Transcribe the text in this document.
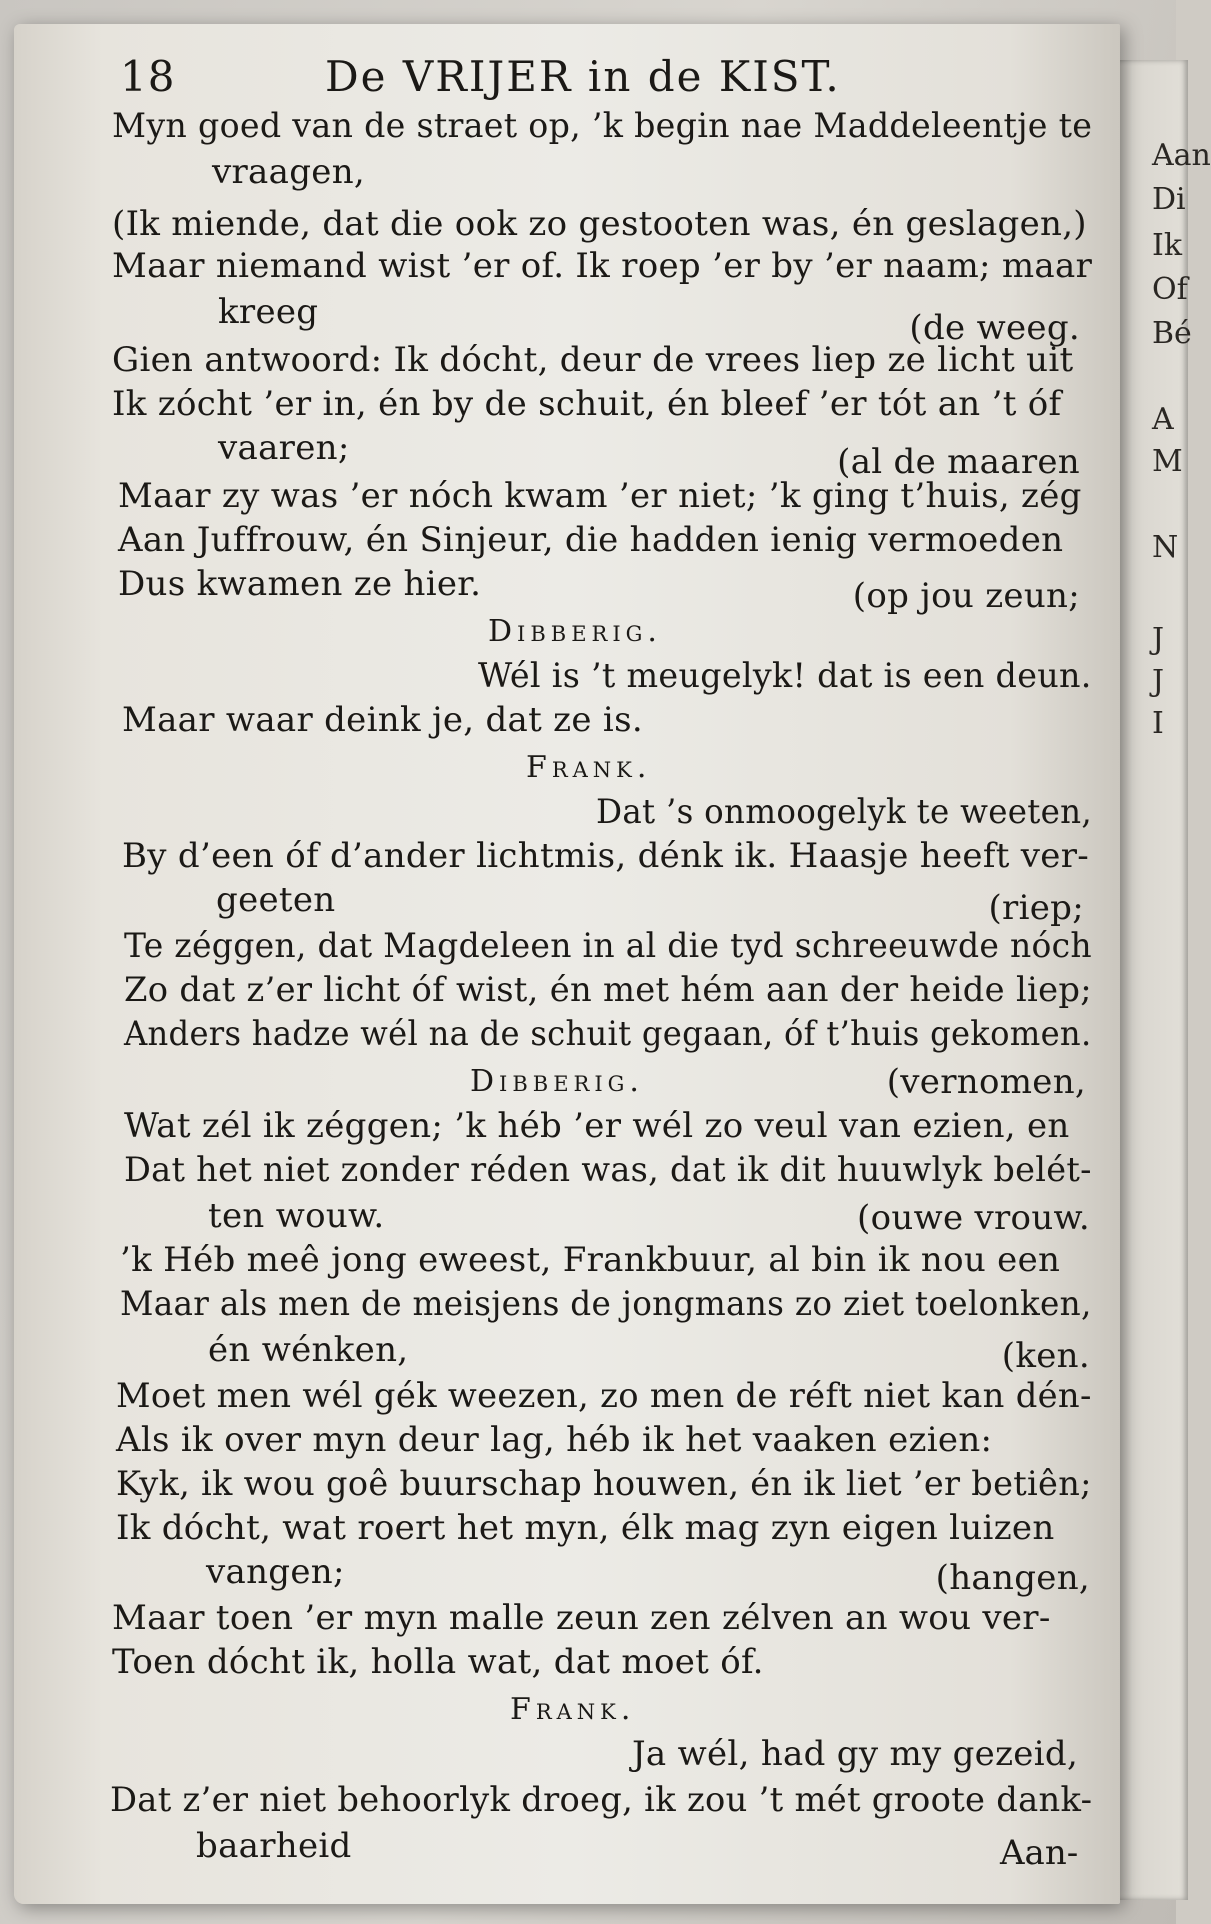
Aan
Di
Ik
Of
Bé
A
M
N
J
J
I
18	De VRIJER in de KIST.
Myn goed van de straet op, ’k begin nae Maddeleentje te
vraagen,
(Ik miende, dat die ook zo gestooten was, én geslagen,)
Maar niemand wist ’er of. Ik roep ’er by ’er naam; maar
kreeg	(de weeg.
Gien antwoord: Ik dócht, deur de vrees liep ze licht uit
Ik zócht ’er in, én by de schuit, én bleef ’er tót an ’t óf
vaaren;	(al de maaren
Maar zy was ’er nóch kwam ’er niet; ’k ging t’huis, zég
Aan Juffrouw, én Sinjeur, die hadden ienig vermoeden
Dus kwamen ze hier.	(op jou zeun;
Dibberig.
Wél is ’t meugelyk! dat is een deun.
Maar waar deink je, dat ze is.
Frank.
Dat ’s onmoogelyk te weeten,
By d’een óf d’ander lichtmis, dénk ik. Haasje heeft ver-
geeten	(riep;
Te zéggen, dat Magdeleen in al die tyd schreeuwde nóch
Zo dat z’er licht óf wist, én met hém aan der heide liep;
Anders hadze wél na de schuit gegaan, óf t’huis gekomen.
Dibberig.	(vernomen,
Wat zél ik zéggen; ’k héb ’er wél zo veul van ezien, en
Dat het niet zonder réden was, dat ik dit huuwlyk belét-
ten wouw.	(ouwe vrouw.
’k Héb meê jong eweest, Frankbuur, al bin ik nou een
Maar als men de meisjens de jongmans zo ziet toelonken,
én wénken,	(ken.
Moet men wél gék weezen, zo men de réft niet kan dén-
Als ik over myn deur lag, héb ik het vaaken ezien:
Kyk, ik wou goê buurschap houwen, én ik liet ’er betiên;
Ik dócht, wat roert het myn, élk mag zyn eigen luizen
vangen;	(hangen,
Maar toen ’er myn malle zeun zen zélven an wou ver-
Toen dócht ik, holla wat, dat moet óf.
Frank.
Ja wél, had gy my gezeid,
Dat z’er niet behoorlyk droeg, ik zou ’t mét groote dank-
baarheid	Aan-
